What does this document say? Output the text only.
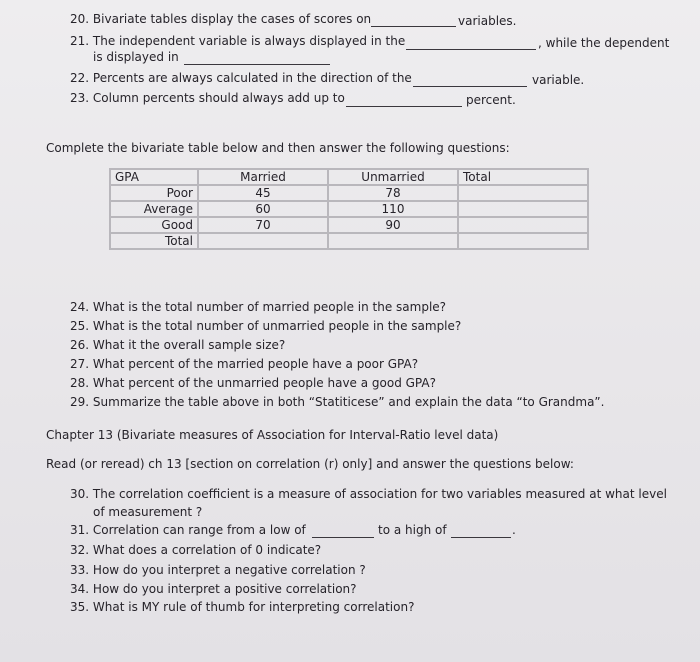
20. Bivariate tables display the cases of scores on	variables.
21. The independent variable is always displayed in the	, while the dependent
is displayed in
22. Percents are always calculated in the direction of the	variable.
23. Column percents should always add up to	percent.
Complete the bivariate table below and then answer the following questions:
GPA	Married	Unmarried	Total
Poor	45	78	
Average	60	110	
Good	70	90	
Total			
24. What is the total number of married people in the sample?
25. What is the total number of unmarried people in the sample?
26. What it the overall sample size?
27. What percent of the married people have a poor GPA?
28. What percent of the unmarried people have a good GPA?
29. Summarize the table above in both “Statiticese” and explain the data “to Grandma”.
Chapter 13 (Bivariate measures of Association for Interval-Ratio level data)
Read (or reread) ch 13 [section on correlation (r) only] and answer the questions below:
30. The correlation coefficient is a measure of association for two variables measured at what level
of measurement ?
31. Correlation can range from a low of	to a high of	.
32. What does a correlation of 0 indicate?
33. How do you interpret a negative correlation ?
34. How do you interpret a positive correlation?
35. What is MY rule of thumb for interpreting correlation?
